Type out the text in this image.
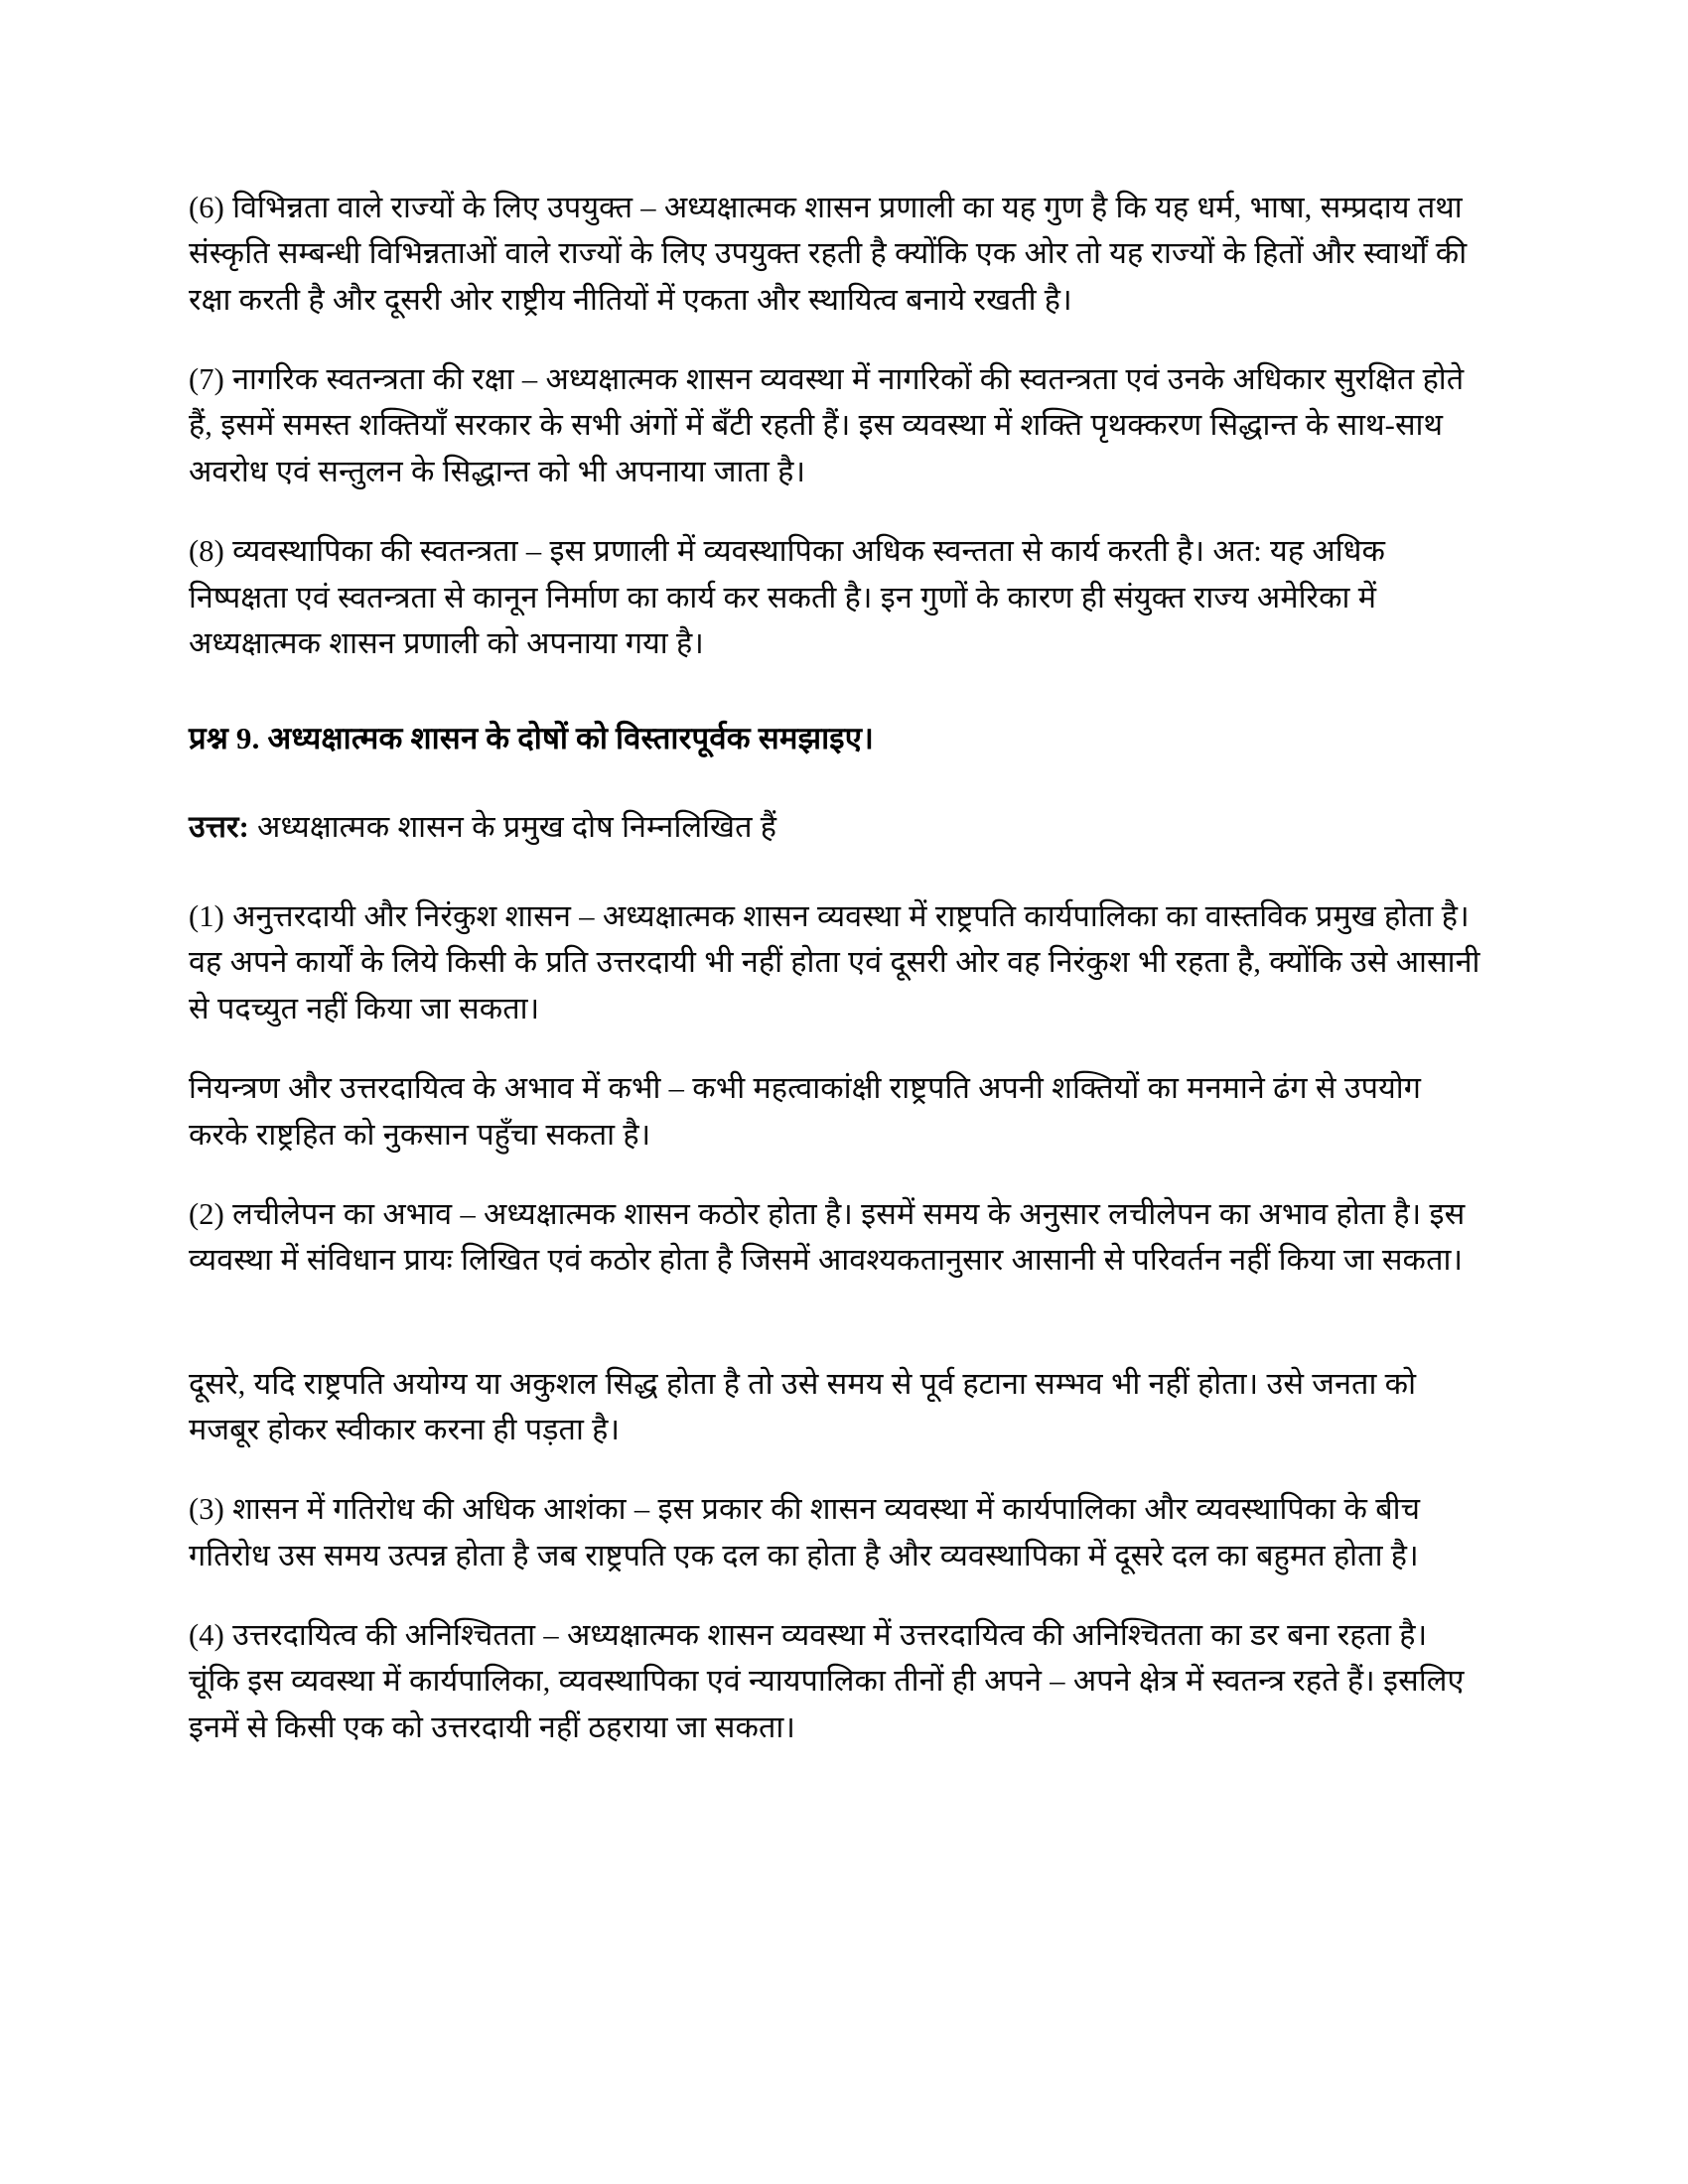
(6) विभिन्नता वाले राज्यों के लिए उपयुक्त – अध्यक्षात्मक शासन प्रणाली का यह गुण है कि यह धर्म, भाषा, सम्प्रदाय तथा संस्कृति सम्बन्धी विभिन्नताओं वाले राज्यों के लिए उपयुक्त रहती है क्योंकि एक ओर तो यह राज्यों के हितों और स्वार्थों की रक्षा करती है और दूसरी ओर राष्ट्रीय नीतियों में एकता और स्थायित्व बनाये रखती है।

(7) नागरिक स्वतन्त्रता की रक्षा – अध्यक्षात्मक शासन व्यवस्था में नागरिकों की स्वतन्त्रता एवं उनके अधिकार सुरक्षित होते हैं, इसमें समस्त शक्तियाँ सरकार के सभी अंगों में बँटी रहती हैं। इस व्यवस्था में शक्ति पृथक्करण सिद्धान्त के साथ-साथ अवरोध एवं सन्तुलन के सिद्धान्त को भी अपनाया जाता है।

(8) व्यवस्थापिका की स्वतन्त्रता – इस प्रणाली में व्यवस्थापिका अधिक स्वन्तता से कार्य करती है। अत: यह अधिक निष्पक्षता एवं स्वतन्त्रता से कानून निर्माण का कार्य कर सकती है। इन गुणों के कारण ही संयुक्त राज्य अमेरिका में अध्यक्षात्मक शासन प्रणाली को अपनाया गया है।

प्रश्न 9. अध्यक्षात्मक शासन के दोषों को विस्तारपूर्वक समझाइए।

उत्तर: अध्यक्षात्मक शासन के प्रमुख दोष निम्नलिखित हैं

(1) अनुत्तरदायी और निरंकुश शासन – अध्यक्षात्मक शासन व्यवस्था में राष्ट्रपति कार्यपालिका का वास्तविक प्रमुख होता है। वह अपने कार्यों के लिये किसी के प्रति उत्तरदायी भी नहीं होता एवं दूसरी ओर वह निरंकुश भी रहता है, क्योंकि उसे आसानी से पदच्युत नहीं किया जा सकता।

नियन्त्रण और उत्तरदायित्व के अभाव में कभी – कभी महत्वाकांक्षी राष्ट्रपति अपनी शक्तियों का मनमाने ढंग से उपयोग करके राष्ट्रहित को नुकसान पहुँचा सकता है।

(2) लचीलेपन का अभाव – अध्यक्षात्मक शासन कठोर होता है। इसमें समय के अनुसार लचीलेपन का अभाव होता है। इस व्यवस्था में संविधान प्रायः लिखित एवं कठोर होता है जिसमें आवश्यकतानुसार आसानी से परिवर्तन नहीं किया जा सकता।

दूसरे, यदि राष्ट्रपति अयोग्य या अकुशल सिद्ध होता है तो उसे समय से पूर्व हटाना सम्भव भी नहीं होता। उसे जनता को मजबूर होकर स्वीकार करना ही पड़ता है।

(3) शासन में गतिरोध की अधिक आशंका – इस प्रकार की शासन व्यवस्था में कार्यपालिका और व्यवस्थापिका के बीच गतिरोध उस समय उत्पन्न होता है जब राष्ट्रपति एक दल का होता है और व्यवस्थापिका में दूसरे दल का बहुमत होता है।

(4) उत्तरदायित्व की अनिश्चितता – अध्यक्षात्मक शासन व्यवस्था में उत्तरदायित्व की अनिश्चितता का डर बना रहता है। चूंकि इस व्यवस्था में कार्यपालिका, व्यवस्थापिका एवं न्यायपालिका तीनों ही अपने – अपने क्षेत्र में स्वतन्त्र रहते हैं। इसलिए इनमें से किसी एक को उत्तरदायी नहीं ठहराया जा सकता।
